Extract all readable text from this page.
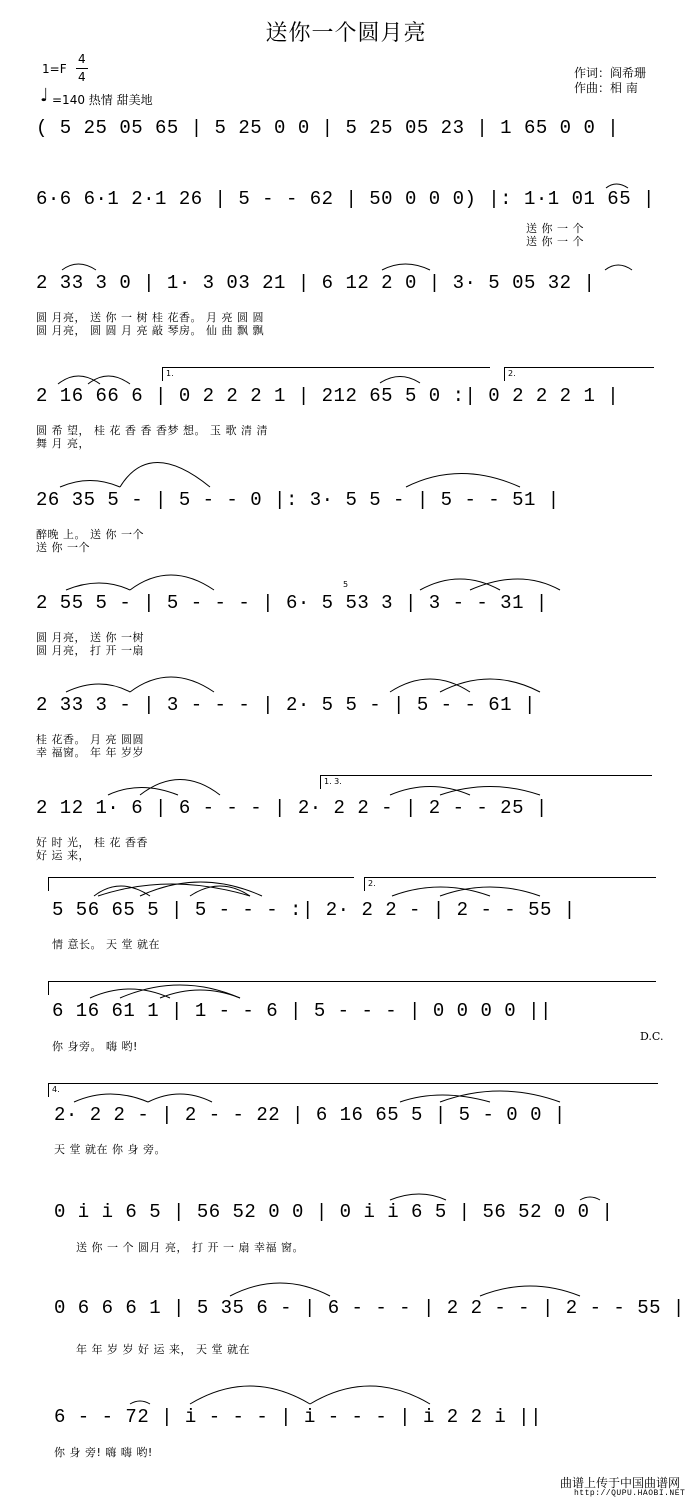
送你一个圆月亮
1=F
4
4
♩ =140 热情 甜美地
作词：阎希珊
作曲：相 南
( 5 25 05 65 | 5 25 0 0 | 5 25 05 23 | 1 65 0 0 |
6·6 6·1 2·1 26 | 5 - - 62 | 50 0 0 0) |: 1·1 01 65 |
送 你 一 个
送 你 一 个
2 33 3 0 | 1· 3 03 21 | 6 12 2 0 | 3· 5 05 32 |
圆 月亮， 送 你 一 树 桂 花香。 月 亮 圆 圆
圆 月亮， 圆 圆 月 亮 敲 琴房。 仙 曲 飘 飘
1.	2.
2 16 66 6 | 0 2 2 2 1 | 212 65 5 0 :| 0 2 2 2 1 |
圆 希 望， 桂 花 香 香 香梦 想。 玉 歌 清 清
舞 月 亮，
26 35 5 - | 5 - - 0 |: 3· 5 5 - | 5 - - 51 |
醉晚 上。 送 你 一个
送 你 一个
5
2 55 5 - | 5 - - - | 6· 5 53 3 | 3 - - 31 |
圆 月亮， 送 你 一树
圆 月亮， 打 开 一扇
2 33 3 - | 3 - - - | 2· 5 5 - | 5 - - 61 |
桂 花香。 月 亮 圆圆
幸 福窗。 年 年 岁岁
1. 3.
2 12 1· 6 | 6 - - - | 2· 2 2 - | 2 - - 25 |
好 时 光， 桂 花 香香
好 运 来，
2.
5 56 65 5 | 5 - - - :| 2· 2 2 - | 2 - - 55 |
情 意长。 天 堂 就在
6 16 61 1 | 1 - - 6 | 5 - - - | 0 0 0 0 ||
D.C.
你 身旁。 嗨 哟!
4.
2· 2 2 - | 2 - - 22 | 6 16 65 5 | 5 - 0 0 |
天 堂 就在 你 身 旁。
0 i i 6 5 | 56 52 0 0 | 0 i i 6 5 | 56 52 0 0 |
送 你 一 个 圆月 亮， 打 开 一 扇 幸福 窗。
0 6 6 6 1 | 5 35 6 - | 6 - - - | 2 2 - - | 2 - - 55 |
年 年 岁 岁 好 运 来， 天 堂 就在
6 - - 72 | i - - - | i - - - | i 2 2 i ||
你 身 旁! 嗨 嗨 哟!
曲谱上传于中国曲谱网
http://QUPU.HAOBI.NET
